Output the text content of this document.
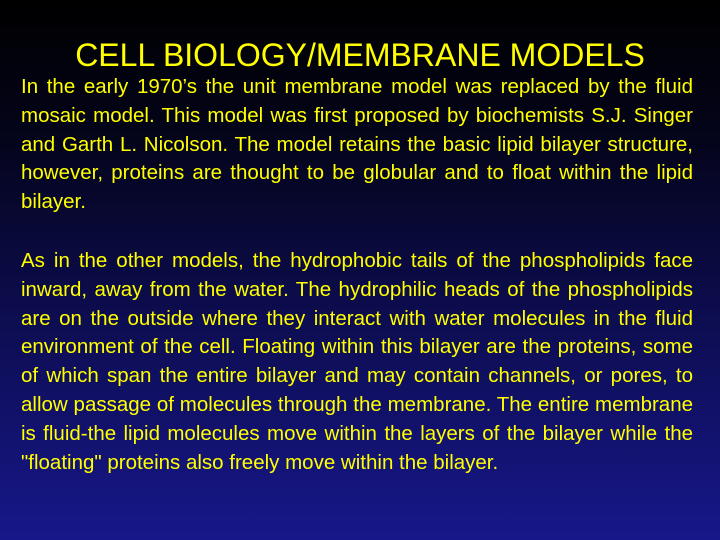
CELL BIOLOGY/MEMBRANE MODELS

In the early 1970’s the unit membrane model was replaced by the fluid mosaic model. This model was first proposed by biochemists S.J. Singer and Garth L. Nicolson. The model retains the basic lipid bilayer structure, however, proteins are thought to be globular and to float within the lipid bilayer.

As in the other models, the hydrophobic tails of the phospholipids face inward, away from the water. The hydrophilic heads of the phospholipids are on the outside where they interact with water molecules in the fluid environment of the cell. Floating within this bilayer are the proteins, some of which span the entire bilayer and may contain channels, or pores, to allow passage of molecules through the membrane. The entire membrane is fluid-the lipid molecules move within the layers of the bilayer while the "floating" proteins also freely move within the bilayer.
